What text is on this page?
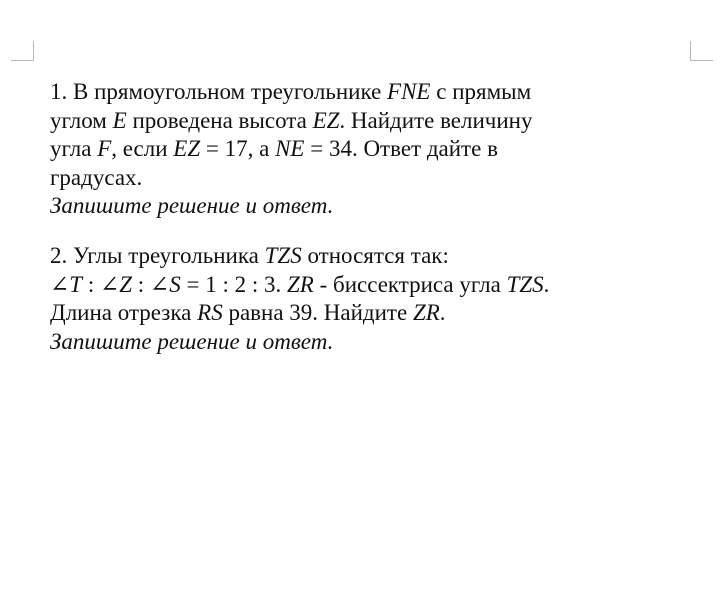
1. В прямоугольном треугольнике FNE с прямым
углом E проведена высота EZ. Найдите величину
угла F, если EZ = 17, а NE = 34. Ответ дайте в
градусах.
Запишите решение и ответ.
2. Углы треугольника TZS относятся так:
∠T : ∠Z : ∠S = 1 : 2 : 3. ZR - биссектриса угла TZS.
Длина отрезка RS равна 39. Найдите ZR.
Запишите решение и ответ.
